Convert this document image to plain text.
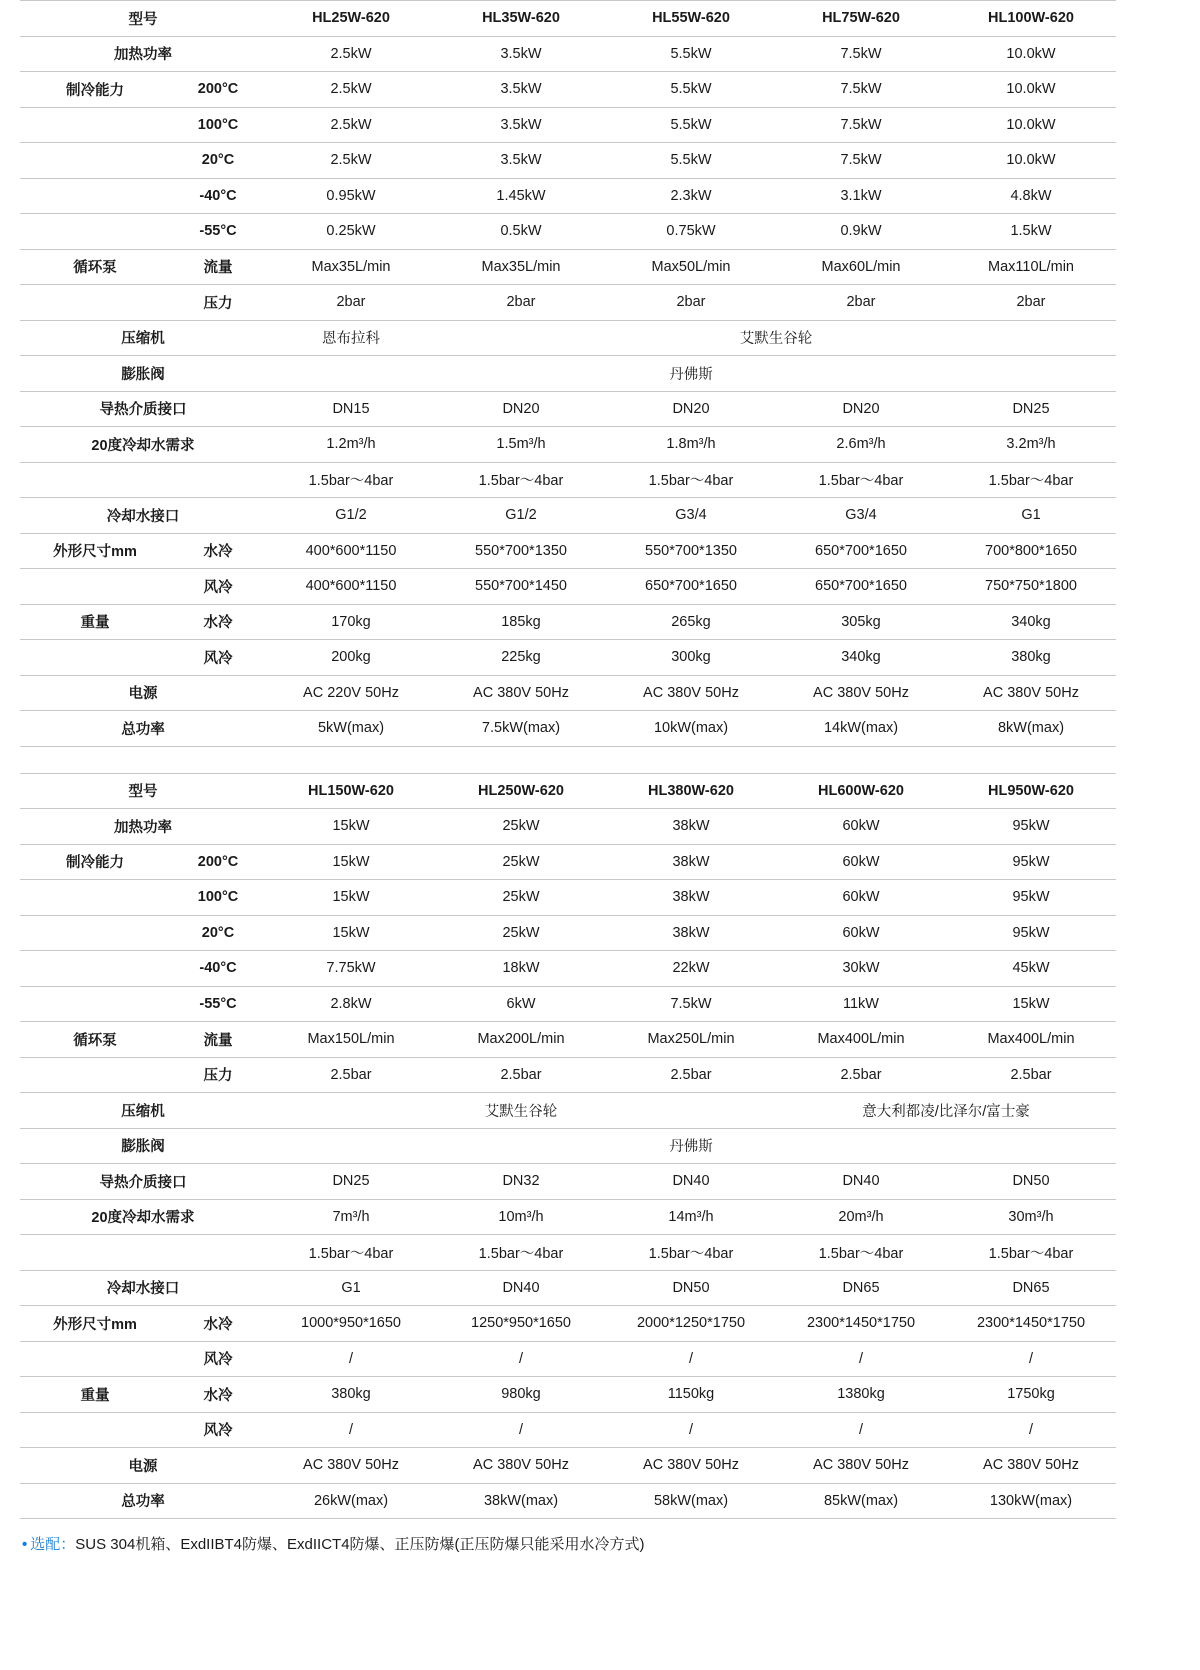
型号		HL25W-620	HL35W-620	HL55W-620	HL75W-620	HL100W-620
加热功率		2.5kW	3.5kW	5.5kW	7.5kW	10.0kW
制冷能力	200°C	2.5kW	3.5kW	5.5kW	7.5kW	10.0kW
	100°C	2.5kW	3.5kW	5.5kW	7.5kW	10.0kW
	20°C	2.5kW	3.5kW	5.5kW	7.5kW	10.0kW
	-40°C	0.95kW	1.45kW	2.3kW	3.1kW	4.8kW
	-55°C	0.25kW	0.5kW	0.75kW	0.9kW	1.5kW
循环泵	流量	Max35L/min	Max35L/min	Max50L/min	Max60L/min	Max110L/min
	压力	2bar	2bar	2bar	2bar	2bar
压缩机		恩布拉科	艾默生谷轮			
膨胀阀		丹佛斯				
导热介质接口		DN15	DN20	DN20	DN20	DN25
20度冷却水需求		1.2m³/h	1.5m³/h	1.8m³/h	2.6m³/h	3.2m³/h
		1.5bar～4bar	1.5bar～4bar	1.5bar～4bar	1.5bar～4bar	1.5bar～4bar
冷却水接口		G1/2	G1/2	G3/4	G3/4	G1
外形尺寸mm	水冷	400*600*1150	550*700*1350	550*700*1350	650*700*1650	700*800*1650
	风冷	400*600*1150	550*700*1450	650*700*1650	650*700*1650	750*750*1800
重量	水冷	170kg	185kg	265kg	305kg	340kg
	风冷	200kg	225kg	300kg	340kg	380kg
电源		AC 220V 50Hz	AC 380V 50Hz	AC 380V 50Hz	AC 380V 50Hz	AC 380V 50Hz
总功率		5kW(max)	7.5kW(max)	10kW(max)	14kW(max)	8kW(max)
型号		HL150W-620	HL250W-620	HL380W-620	HL600W-620	HL950W-620
加热功率		15kW	25kW	38kW	60kW	95kW
制冷能力	200°C	15kW	25kW	38kW	60kW	95kW
	100°C	15kW	25kW	38kW	60kW	95kW
	20°C	15kW	25kW	38kW	60kW	95kW
	-40°C	7.75kW	18kW	22kW	30kW	45kW
	-55°C	2.8kW	6kW	7.5kW	11kW	15kW
循环泵	流量	Max150L/min	Max200L/min	Max250L/min	Max400L/min	Max400L/min
	压力	2.5bar	2.5bar	2.5bar	2.5bar	2.5bar
压缩机		艾默生谷轮			意大利都凌/比泽尔/富士豪	
膨胀阀		丹佛斯				
导热介质接口		DN25	DN32	DN40	DN40	DN50
20度冷却水需求		7m³/h	10m³/h	14m³/h	20m³/h	30m³/h
		1.5bar～4bar	1.5bar～4bar	1.5bar～4bar	1.5bar～4bar	1.5bar～4bar
冷却水接口		G1	DN40	DN50	DN65	DN65
外形尺寸mm	水冷	1000*950*1650	1250*950*1650	2000*1250*1750	2300*1450*1750	2300*1450*1750
	风冷	/	/	/	/	/
重量	水冷	380kg	980kg	1150kg	1380kg	1750kg
	风冷	/	/	/	/	/
电源		AC 380V 50Hz	AC 380V 50Hz	AC 380V 50Hz	AC 380V 50Hz	AC 380V 50Hz
总功率		26kW(max)	38kW(max)	58kW(max)	85kW(max)	130kW(max)
• 选配：SUS 304机箱、ExdIIBT4防爆、ExdIICT4防爆、正压防爆(正压防爆只能采用水冷方式)
